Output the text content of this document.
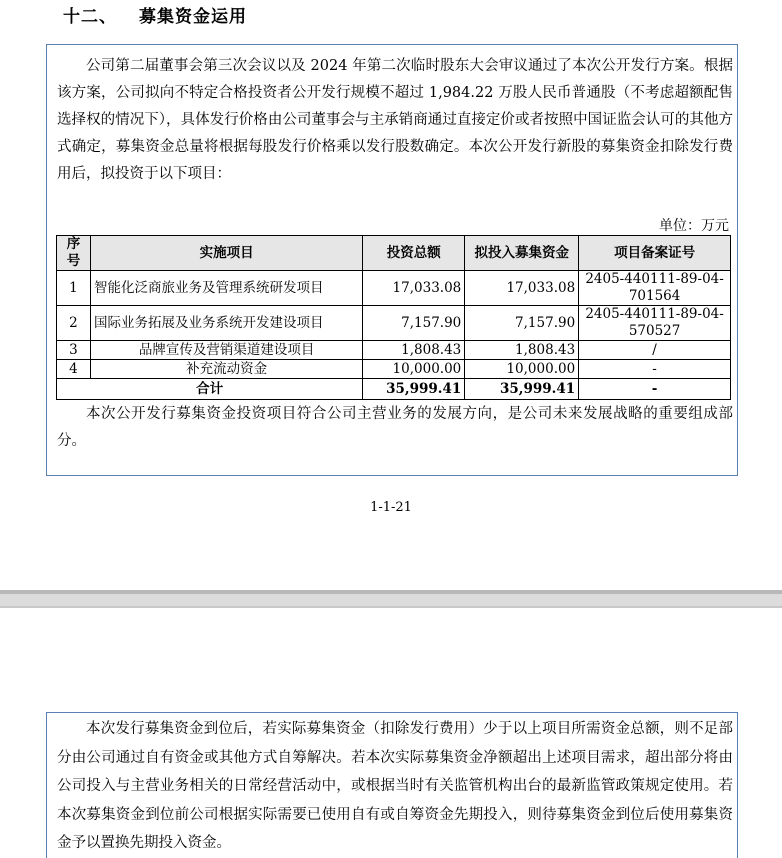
十二、 募集资金运用

公司第二届董事会第三次会议以及 2024 年第二次临时股东大会审议通过了本次公开发行方案。根据该方案，公司拟向不特定合格投资者公开发行规模不超过 1,984.22 万股人民币普通股（不考虑超额配售选择权的情况下），具体发行价格由公司董事会与主承销商通过直接定价或者按照中国证监会认可的其他方式确定，募集资金总量将根据每股发行价格乘以发行股数确定。本次公开发行新股的募集资金扣除发行费用后，拟投资于以下项目：

单位：万元
序号	实施项目	投资总额	拟投入募集资金	项目备案证号
1	智能化泛商旅业务及管理系统研发项目	17,033.08	17,033.08	2405-440111-89-04-701564
2	国际业务拓展及业务系统开发建设项目	7,157.90	7,157.90	2405-440111-89-04-570527
3	品牌宣传及营销渠道建设项目	1,808.43	1,808.43	/
4	补充流动资金	10,000.00	10,000.00	-
合计		35,999.41	35,999.41	-

本次公开发行募集资金投资项目符合公司主营业务的发展方向，是公司未来发展战略的重要组成部分。

1-1-21

本次发行募集资金到位后，若实际募集资金（扣除发行费用）少于以上项目所需资金总额，则不足部分由公司通过自有资金或其他方式自筹解决。若本次实际募集资金净额超出上述项目需求，超出部分将由公司投入与主营业务相关的日常经营活动中，或根据当时有关监管机构出台的最新监管政策规定使用。若本次募集资金到位前公司根据实际需要已使用自有或自筹资金先期投入，则待募集资金到位后使用募集资金予以置换先期投入资金。
